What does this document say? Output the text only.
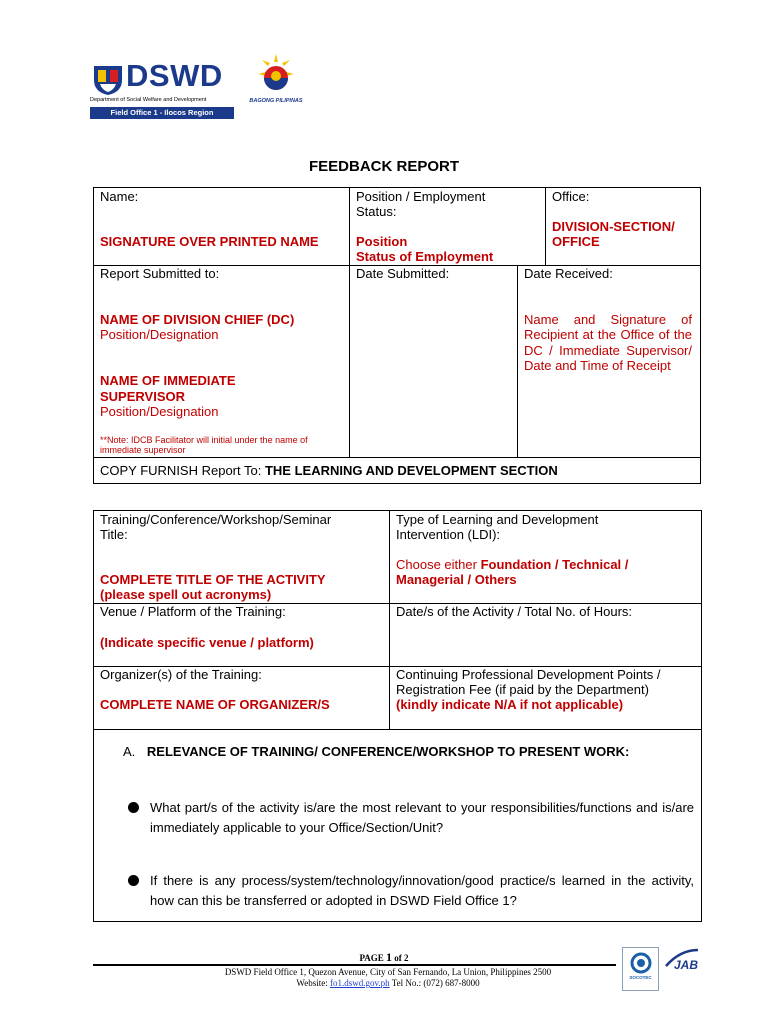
DSWD
Department of Social Welfare and Development
Field Office 1 - Ilocos Region
BAGONG PILIPINAS
FEEDBACK REPORT
Name:
SIGNATURE OVER PRINTED NAME
Position / Employment
Status:
Position
Status of Employment
Office:
DIVISION-SECTION/
OFFICE
Report Submitted to:
NAME OF DIVISION CHIEF (DC)
Position/Designation
NAME OF IMMEDIATE
SUPERVISOR
Position/Designation
**Note: IDCB Facilitator will initial under the name of immediate supervisor
Date Submitted:	Date Received:
Name and Signature of Recipient at the Office of the DC / Immediate Supervisor/ Date and Time of Receipt
COPY FURNISH Report To: THE LEARNING AND DEVELOPMENT SECTION
Training/Conference/Workshop/Seminar
Title:
COMPLETE TITLE OF THE ACTIVITY
(please spell out acronyms)
Type of Learning and Development
Intervention (LDI):
Choose either Foundation / Technical /
Managerial / Others
Venue / Platform of the Training:
(Indicate specific venue / platform)
Date/s of the Activity / Total No. of Hours:
Organizer(s) of the Training:
COMPLETE NAME OF ORGANIZER/S
Continuing Professional Development Points /
Registration Fee (if paid by the Department)
(kindly indicate N/A if not applicable)
A. RELEVANCE OF TRAINING/ CONFERENCE/WORKSHOP TO PRESENT WORK:
What part/s of the activity is/are the most relevant to your responsibilities/functions and is/are immediately applicable to your Office/Section/Unit?
If there is any process/system/technology/innovation/good practice/s learned in the activity, how can this be transferred or adopted in DSWD Field Office 1?
PAGE 1 of 2
DSWD Field Office 1, Quezon Avenue, City of San Fernando, La Union, Philippines 2500
Website: fo1.dswd.gov.ph Tel No.: (072) 687-8000
SOCOTEC
JAB
